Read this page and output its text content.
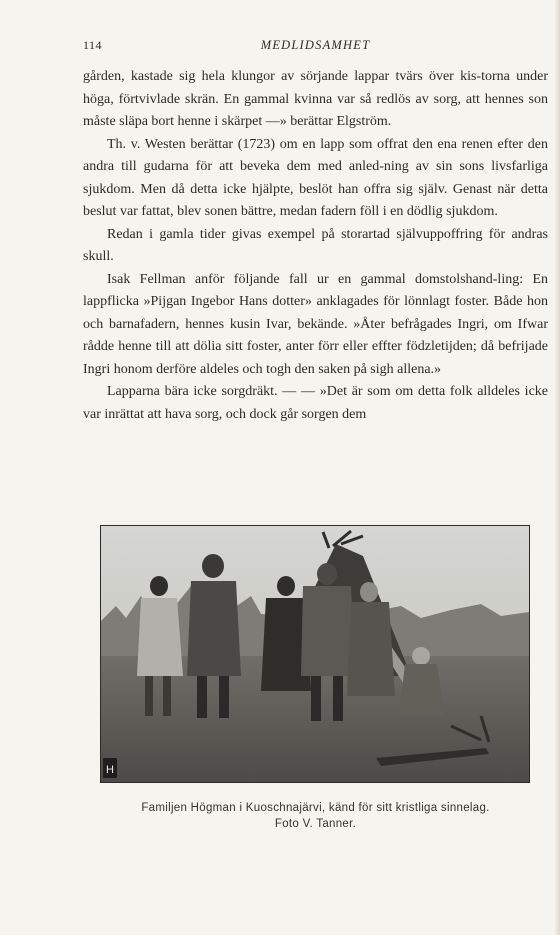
114	MEDLIDSAMHET

gården, kastade sig hela klungor av sörjande lappar tvärs över kis-torna under höga, förtvivlade skrän. En gammal kvinna var så redlös av sorg, att hennes son måste släpa bort henne i skärpet —» berättar Elgström.

Th. v. Westen berättar (1723) om en lapp som offrat den ena renen efter den andra till gudarna för att beveka dem med anled-ning av sin sons livsfarliga sjukdom. Men då detta icke hjälpte, beslöt han offra sig själv. Genast när detta beslut var fattat, blev sonen bättre, medan fadern föll i en dödlig sjukdom.

Redan i gamla tider givas exempel på storartad självuppoffring för andras skull.

Isak Fellman anför följande fall ur en gammal domstolshand-ling: En lappflicka »Pijgan Ingebor Hans dotter» anklagades för lönnlagt foster. Både hon och barnafadern, hennes kusin Ivar, bekände. »Åter befrågades Ingri, om Ifwar rådde henne till att dölia sitt foster, anter förr eller effter födzletijden; då befrijade Ingri honom derföre aldeles och togh den saken på sigh allena.»

Lapparna bära icke sorgdräkt. — — »Det är som om detta folk alldeles icke var inrättat att hava sorg, och dock går sorgen dem

H
Familjen Högman i Kuoschnajärvi, känd för sitt kristliga sinnelag.
Foto V. Tanner.
